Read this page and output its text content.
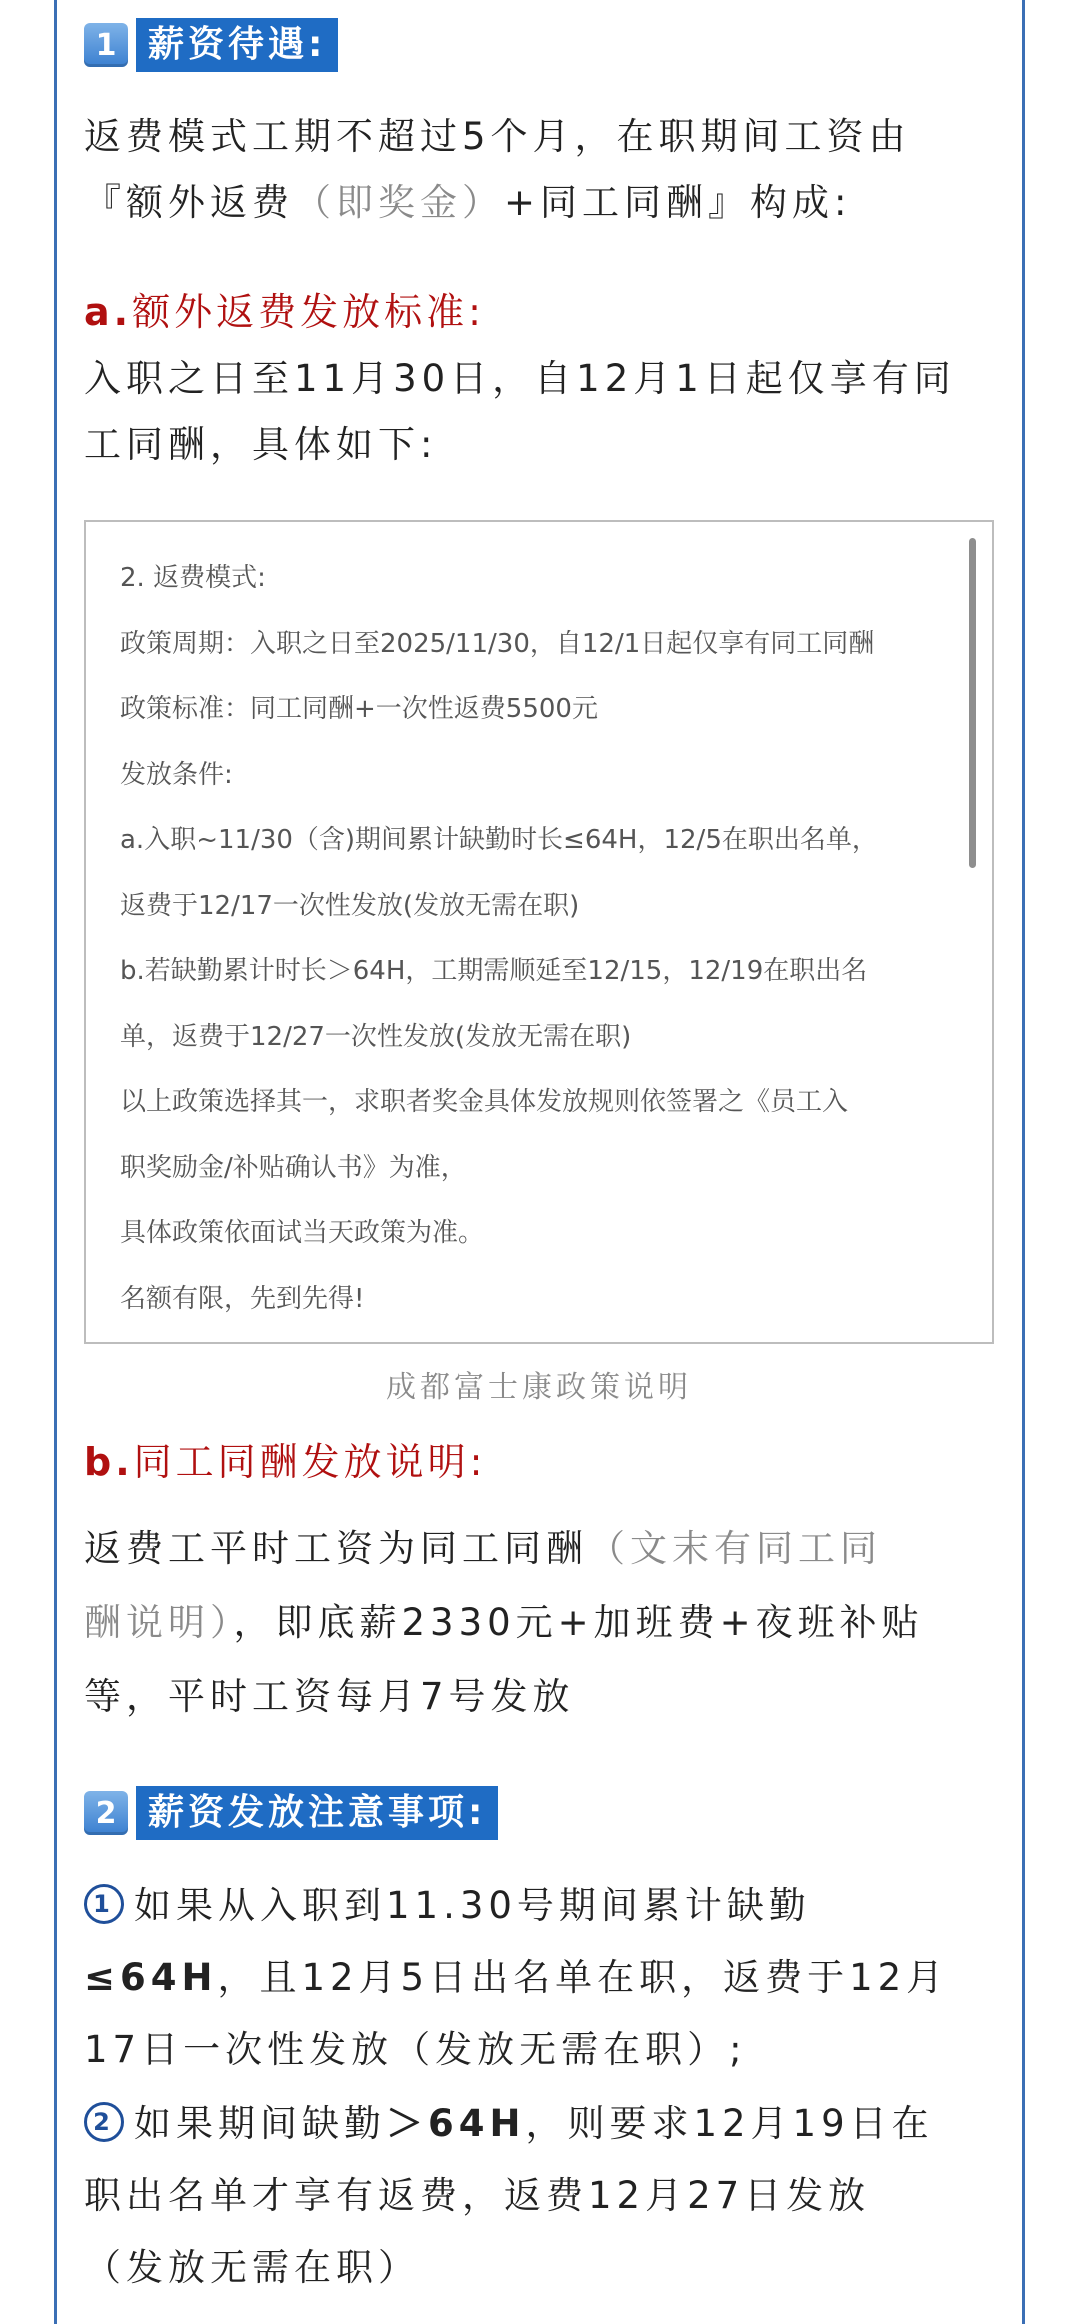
1 薪资待遇:
返费模式工期不超过5个月，在职期间工资由
『额外返费（即奖金）+同工同酬』构成:
a.额外返费发放标准:
入职之日至11月30日，自12月1日起仅享有同
工同酬，具体如下:
2. 返费模式:
政策周期：入职之日至2025/11/30，自12/1日起仅享有同工同酬
政策标准：同工同酬+一次性返费5500元
发放条件:
a.入职~11/30（含)期间累计缺勤时长≤64H，12/5在职出名单，
返费于12/17一次性发放(发放无需在职)
b.若缺勤累计时长＞64H，工期需顺延至12/15，12/19在职出名
单，返费于12/27一次性发放(发放无需在职)
以上政策选择其一，求职者奖金具体发放规则依签署之《员工入
职奖励金/补贴确认书》为准，
具体政策依面试当天政策为准。
名额有限，先到先得!
成都富士康政策说明
b.同工同酬发放说明:
返费工平时工资为同工同酬（文末有同工同
酬说明），即底薪2330元+加班费+夜班补贴
等，平时工资每月7号发放
2 薪资发放注意事项:
1 如果从入职到11.30号期间累计缺勤
≤64H，且12月5日出名单在职，返费于12月
17日一次性发放（发放无需在职）;
2 如果期间缺勤＞64H，则要求12月19日在
职出名单才享有返费，返费12月27日发放
（发放无需在职）
